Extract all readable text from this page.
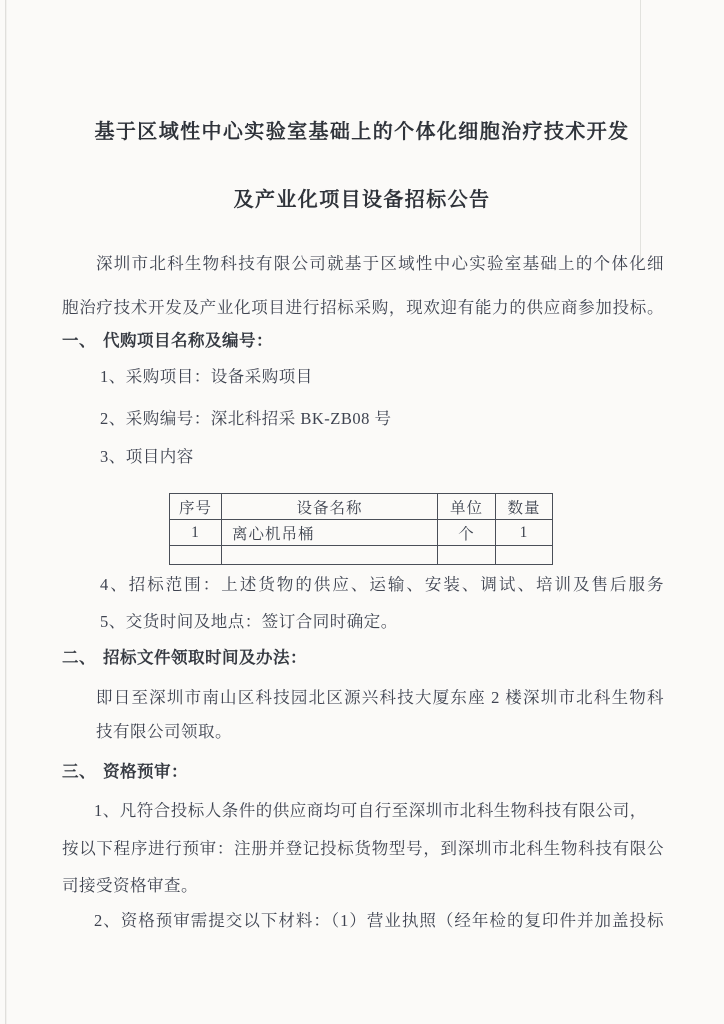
基于区域性中心实验室基础上的个体化细胞治疗技术开发
及产业化项目设备招标公告
深圳市北科生物科技有限公司就基于区域性中心实验室基础上的个体化细
胞治疗技术开发及产业化项目进行招标采购，现欢迎有能力的供应商参加投标。
一、 代购项目名称及编号：
1、采购项目：设备采购项目
2、采购编号：深北科招采 BK-ZB08 号
3、项目内容
序号	设备名称	单位	数量
1	离心机吊桶	个	1

4、招标范围：上述货物的供应、运输、安装、调试、培训及售后服务
5、交货时间及地点：签订合同时确定。
二、 招标文件领取时间及办法：
即日至深圳市南山区科技园北区源兴科技大厦东座 2 楼深圳市北科生物科
技有限公司领取。
三、 资格预审：
1、凡符合投标人条件的供应商均可自行至深圳市北科生物科技有限公司，
按以下程序进行预审：注册并登记投标货物型号，到深圳市北科生物科技有限公
司接受资格审查。
2、资格预审需提交以下材料：（1）营业执照（经年检的复印件并加盖投标
